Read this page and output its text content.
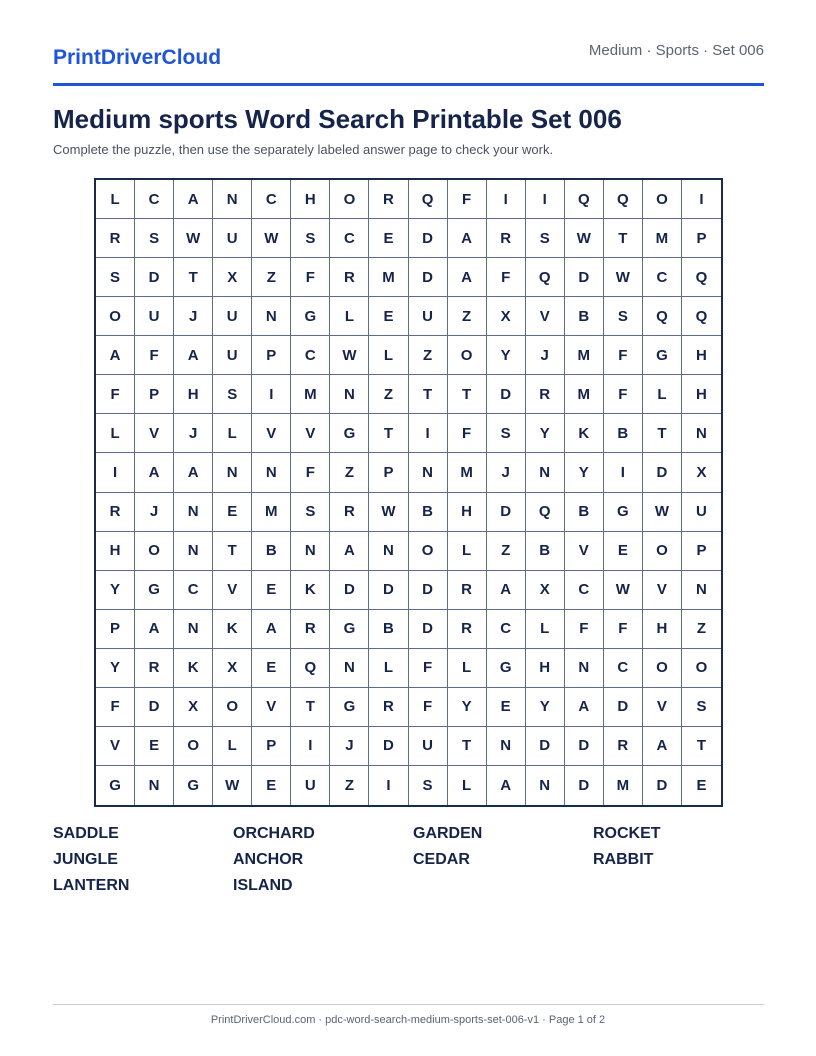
PrintDriverCloud	Medium · Sports · Set 006
Medium sports Word Search Printable Set 006
Complete the puzzle, then use the separately labeled answer page to check your work.
L	C	A	N	C	H	O	R	Q	F	I	I	Q	Q	O	I
R	S	W	U	W	S	C	E	D	A	R	S	W	T	M	P
S	D	T	X	Z	F	R	M	D	A	F	Q	D	W	C	Q
O	U	J	U	N	G	L	E	U	Z	X	V	B	S	Q	Q
A	F	A	U	P	C	W	L	Z	O	Y	J	M	F	G	H
F	P	H	S	I	M	N	Z	T	T	D	R	M	F	L	H
L	V	J	L	V	V	G	T	I	F	S	Y	K	B	T	N
I	A	A	N	N	F	Z	P	N	M	J	N	Y	I	D	X
R	J	N	E	M	S	R	W	B	H	D	Q	B	G	W	U
H	O	N	T	B	N	A	N	O	L	Z	B	V	E	O	P
Y	G	C	V	E	K	D	D	D	R	A	X	C	W	V	N
P	A	N	K	A	R	G	B	D	R	C	L	F	F	H	Z
Y	R	K	X	E	Q	N	L	F	L	G	H	N	C	O	O
F	D	X	O	V	T	G	R	F	Y	E	Y	A	D	V	S
V	E	O	L	P	I	J	D	U	T	N	D	D	R	A	T
G	N	G	W	E	U	Z	I	S	L	A	N	D	M	D	E
SADDLE	ORCHARD	GARDEN	ROCKET
JUNGLE	ANCHOR	CEDAR	RABBIT
LANTERN	ISLAND
PrintDriverCloud.com · pdc-word-search-medium-sports-set-006-v1 · Page 1 of 2
